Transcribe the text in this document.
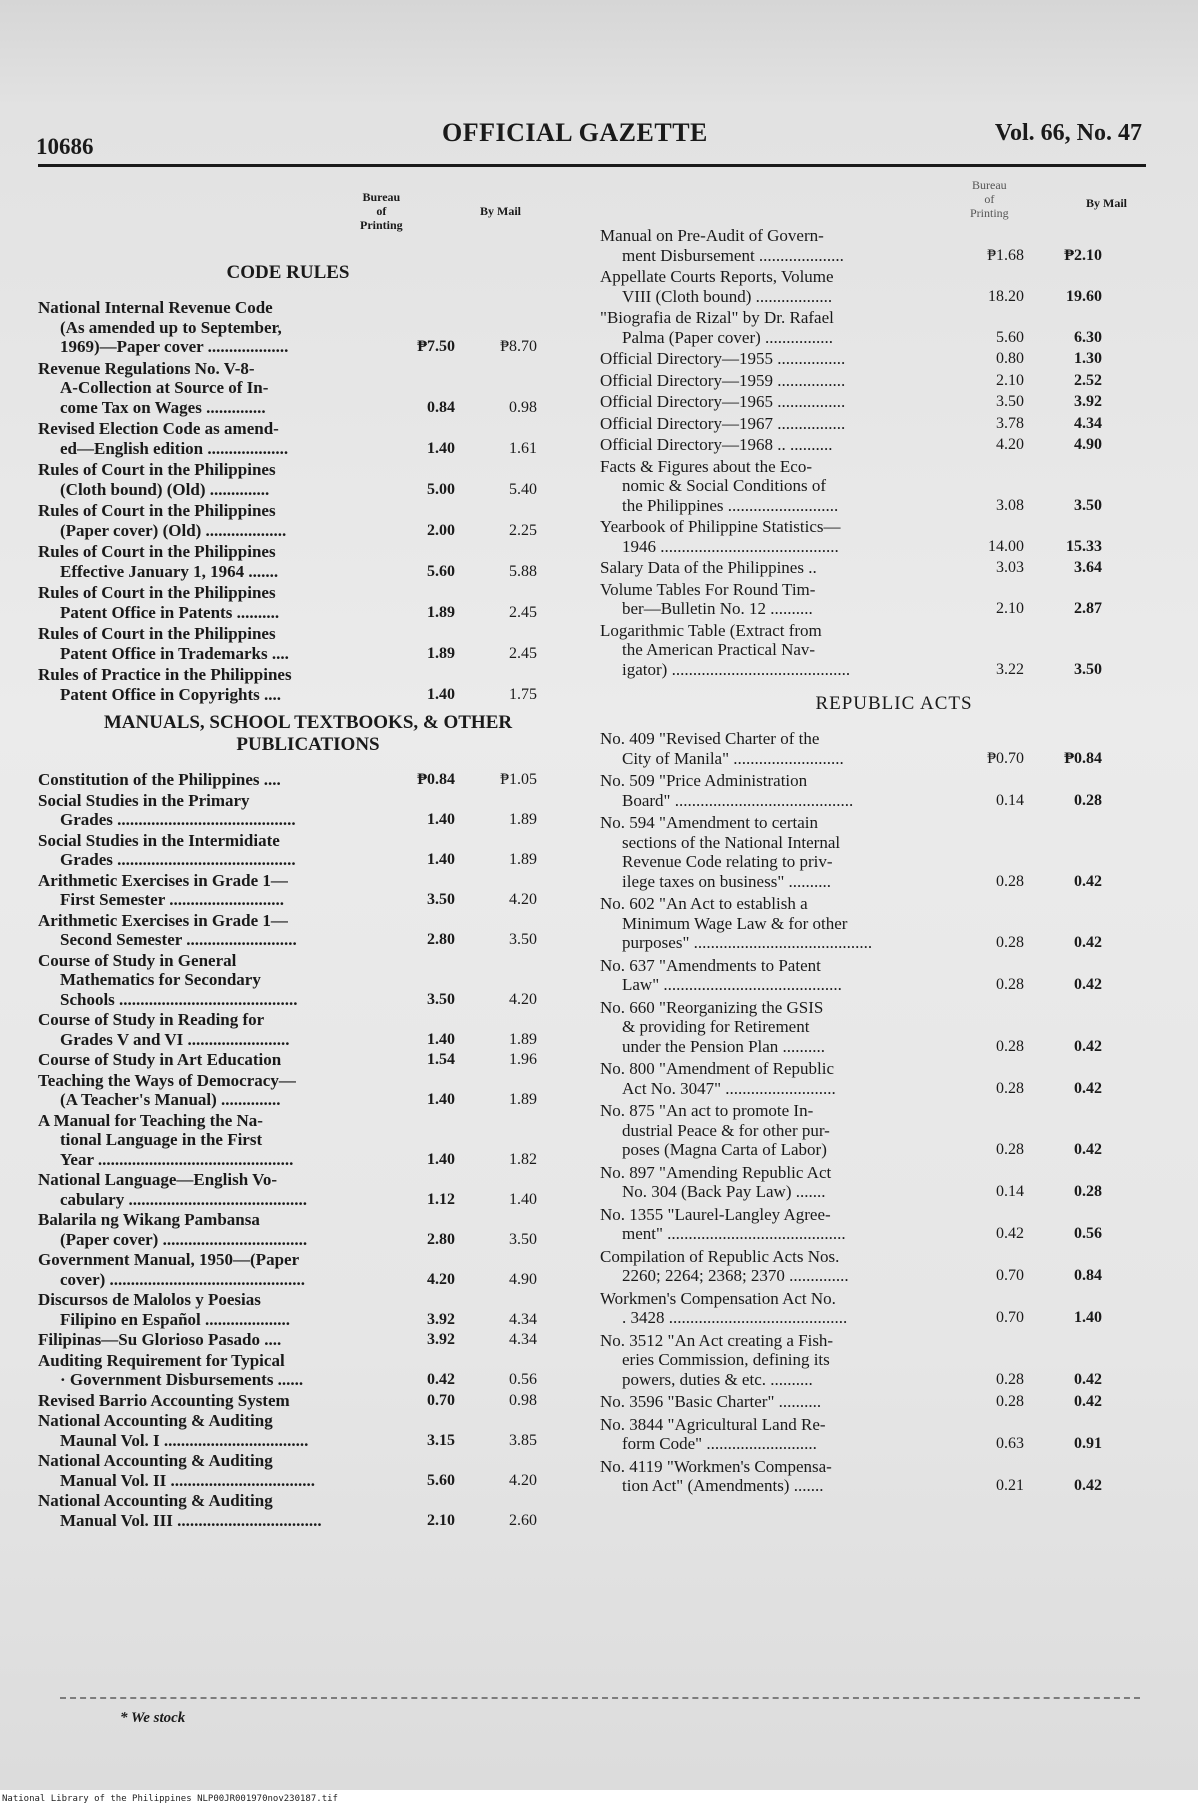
10686	OFFICIAL GAZETTE	Vol. 66, No. 47
Bureau
of
Printing
By Mail
CODE RULES
National Internal Revenue Code
(As amended up to September,
1969)—Paper cover ...................	₱7.50	₱8.70
Revenue Regulations No. V-8-
A-Collection at Source of In-
come Tax on Wages ..............	0.84	0.98
Revised Election Code as amend-
ed—English edition ...................	1.40	1.61
Rules of Court in the Philippines
(Cloth bound) (Old) ..............	5.00	5.40
Rules of Court in the Philippines
(Paper cover) (Old) ...................	2.00	2.25
Rules of Court in the Philippines
Effective January 1, 1964 .......	5.60	5.88
Rules of Court in the Philippines
Patent Office in Patents ..........	1.89	2.45
Rules of Court in the Philippines
Patent Office in Trademarks ....	1.89	2.45
Rules of Practice in the Philippines
Patent Office in Copyrights ....	1.40	1.75
MANUALS, SCHOOL TEXTBOOKS, & OTHER
PUBLICATIONS
Constitution of the Philippines ....	₱0.84	₱1.05
Social Studies in the Primary
Grades ..........................................	1.40	1.89
Social Studies in the Intermidiate
Grades ..........................................	1.40	1.89
Arithmetic Exercises in Grade 1—
First Semester ...........................	3.50	4.20
Arithmetic Exercises in Grade 1—
Second Semester ..........................	2.80	3.50
Course of Study in General
Mathematics for Secondary
Schools ..........................................	3.50	4.20
Course of Study in Reading for
Grades V and VI ........................	1.40	1.89
Course of Study in Art Education	1.54	1.96
Teaching the Ways of Democracy—
(A Teacher's Manual) ..............	1.40	1.89
A Manual for Teaching the Na-
tional Language in the First
Year ..............................................	1.40	1.82
National Language—English Vo-
cabulary ..........................................	1.12	1.40
Balarila ng Wikang Pambansa
(Paper cover) ..................................	2.80	3.50
Government Manual, 1950—(Paper
cover) ..............................................	4.20	4.90
Discursos de Malolos y Poesias
Filipino en Español ....................	3.92	4.34
Filipinas—Su Glorioso Pasado ....	3.92	4.34
Auditing Requirement for Typical
· Government Disbursements ......	0.42	0.56
Revised Barrio Accounting System	0.70	0.98
National Accounting & Auditing
Maunal Vol. I ..................................	3.15	3.85
National Accounting & Auditing
Manual Vol. II ..................................	5.60	4.20
National Accounting & Auditing
Manual Vol. III ..................................	2.10	2.60
Bureau
of
Printing
By Mail
Manual on Pre-Audit of Govern-
ment Disbursement ....................	₱1.68	₱2.10
Appellate Courts Reports, Volume
VIII (Cloth bound) ..................	18.20	19.60
"Biografia de Rizal" by Dr. Rafael
Palma (Paper cover) ................	5.60	6.30
Official Directory—1955 ................	0.80	1.30
Official Directory—1959 ................	2.10	2.52
Official Directory—1965 ................	3.50	3.92
Official Directory—1967 ................	3.78	4.34
Official Directory—1968 .. ..........	4.20	4.90
Facts & Figures about the Eco-
nomic & Social Conditions of
the Philippines ..........................	3.08	3.50
Yearbook of Philippine Statistics—
1946 ..........................................	14.00	15.33
Salary Data of the Philippines ..	3.03	3.64
Volume Tables For Round Tim-
ber—Bulletin No. 12 ..........	2.10	2.87
Logarithmic Table (Extract from
the American Practical Nav-
igator) ..........................................	3.22	3.50
REPUBLIC ACTS
No. 409 "Revised Charter of the
City of Manila" ..........................	₱0.70	₱0.84
No. 509 "Price Administration
Board" ..........................................	0.14	0.28
No. 594 "Amendment to certain
sections of the National Internal
Revenue Code relating to priv-
ilege taxes on business" ..........	0.28	0.42
No. 602 "An Act to establish a
Minimum Wage Law & for other
purposes" ..........................................	0.28	0.42
No. 637 "Amendments to Patent
Law" ..........................................	0.28	0.42
No. 660 "Reorganizing the GSIS
& providing for Retirement
under the Pension Plan ..........	0.28	0.42
No. 800 "Amendment of Republic
Act No. 3047" ..........................	0.28	0.42
No. 875 "An act to promote In-
dustrial Peace & for other pur-
poses (Magna Carta of Labor)	0.28	0.42
No. 897 "Amending Republic Act
No. 304 (Back Pay Law) .......	0.14	0.28
No. 1355 "Laurel-Langley Agree-
ment" ..........................................	0.42	0.56
Compilation of Republic Acts Nos.
2260; 2264; 2368; 2370 ..............	0.70	0.84
Workmen's Compensation Act No.
. 3428 ..........................................	0.70	1.40
No. 3512 "An Act creating a Fish-
eries Commission, defining its
powers, duties & etc. ..........	0.28	0.42
No. 3596 "Basic Charter" ..........	0.28	0.42
No. 3844 "Agricultural Land Re-
form Code" ..........................	0.63	0.91
No. 4119 "Workmen's Compensa-
tion Act" (Amendments) .......	0.21	0.42
* We stock
National Library of the Philippines NLP00JR001970nov230187.tif
